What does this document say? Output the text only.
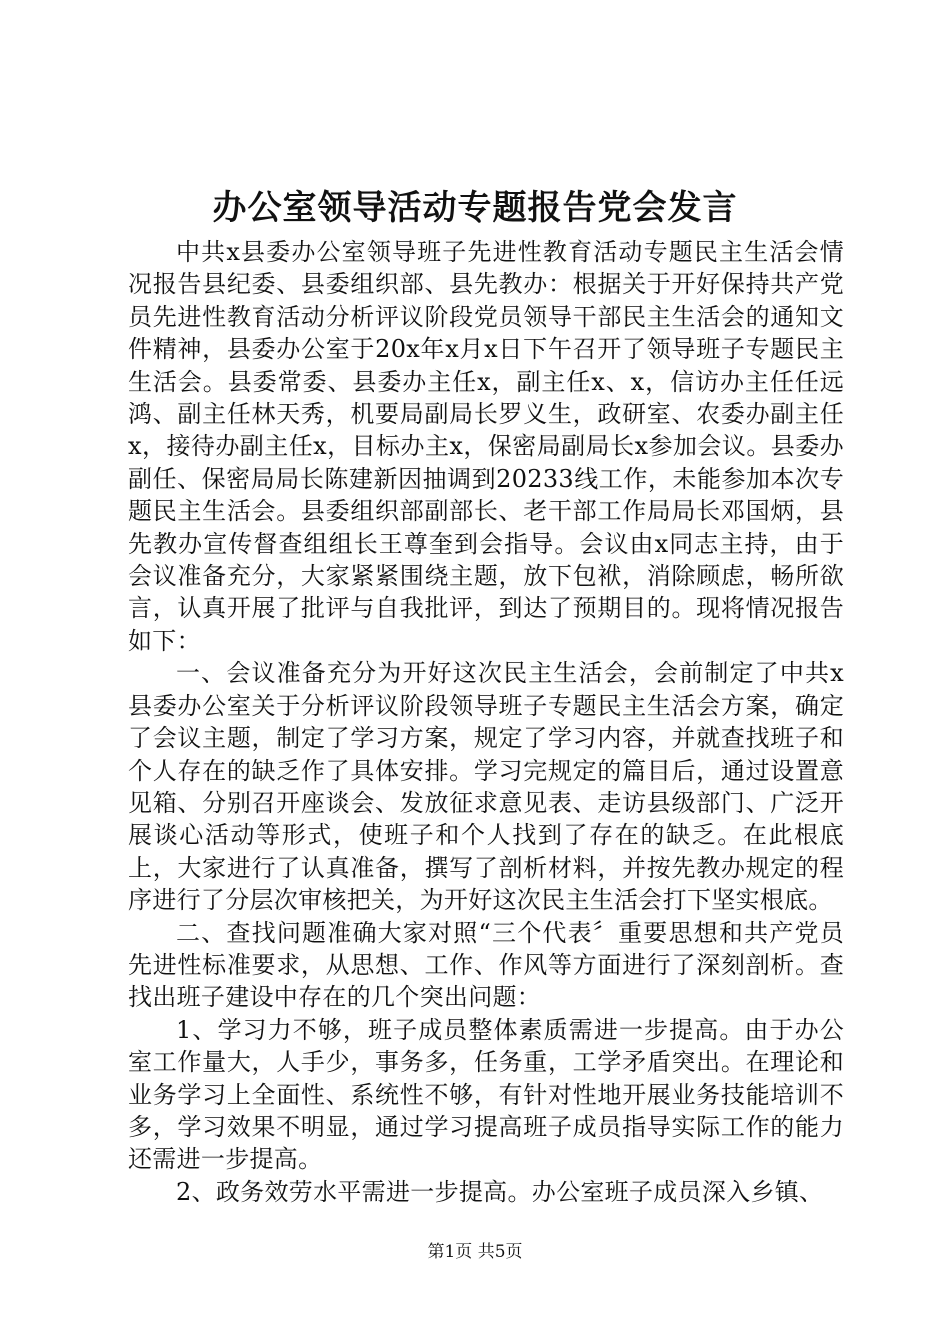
办公室领导活动专题报告党会发言

中共x县委办公室领导班子先进性教育活动专题民主生活会情况报告县纪委、县委组织部、县先教办：根据关于开好保持共产党员先进性教育活动分析评议阶段党员领导干部民主生活会的通知文件精神，县委办公室于20x年x月x日下午召开了领导班子专题民主生活会。县委常委、县委办主任x，副主任x、x，信访办主任任远鸿、副主任林天秀，机要局副局长罗义生，政研室、农委办副主任x，接待办副主任x，目标办主x，保密局副局长x参加会议。县委办副任、保密局局长陈建新因抽调到20233线工作，未能参加本次专题民主生活会。县委组织部副部长、老干部工作局局长邓国炳，县先教办宣传督查组组长王尊奎到会指导。会议由x同志主持，由于会议准备充分，大家紧紧围绕主题，放下包袱，消除顾虑，畅所欲言，认真开展了批评与自我批评，到达了预期目的。现将情况报告如下：

一、会议准备充分为开好这次民主生活会，会前制定了中共x县委办公室关于分析评议阶段领导班子专题民主生活会方案，确定了会议主题，制定了学习方案，规定了学习内容，并就查找班子和个人存在的缺乏作了具体安排。学习完规定的篇目后，通过设置意见箱、分别召开座谈会、发放征求意见表、走访县级部门、广泛开展谈心活动等形式，使班子和个人找到了存在的缺乏。在此根底上，大家进行了认真准备，撰写了剖析材料，并按先教办规定的程序进行了分层次审核把关，为开好这次民主生活会打下坚实根底。

二、查找问题准确大家对照“三个代表〞重要思想和共产党员先进性标准要求，从思想、工作、作风等方面进行了深刻剖析。查找出班子建设中存在的几个突出问题：

1、学习力不够，班子成员整体素质需进一步提高。由于办公室工作量大，人手少，事务多，任务重，工学矛盾突出。在理论和业务学习上全面性、系统性不够，有针对性地开展业务技能培训不多，学习效果不明显，通过学习提高班子成员指导实际工作的能力还需进一步提高。

2、政务效劳水平需进一步提高。办公室班子成员深入乡镇、

第1页 共5页
